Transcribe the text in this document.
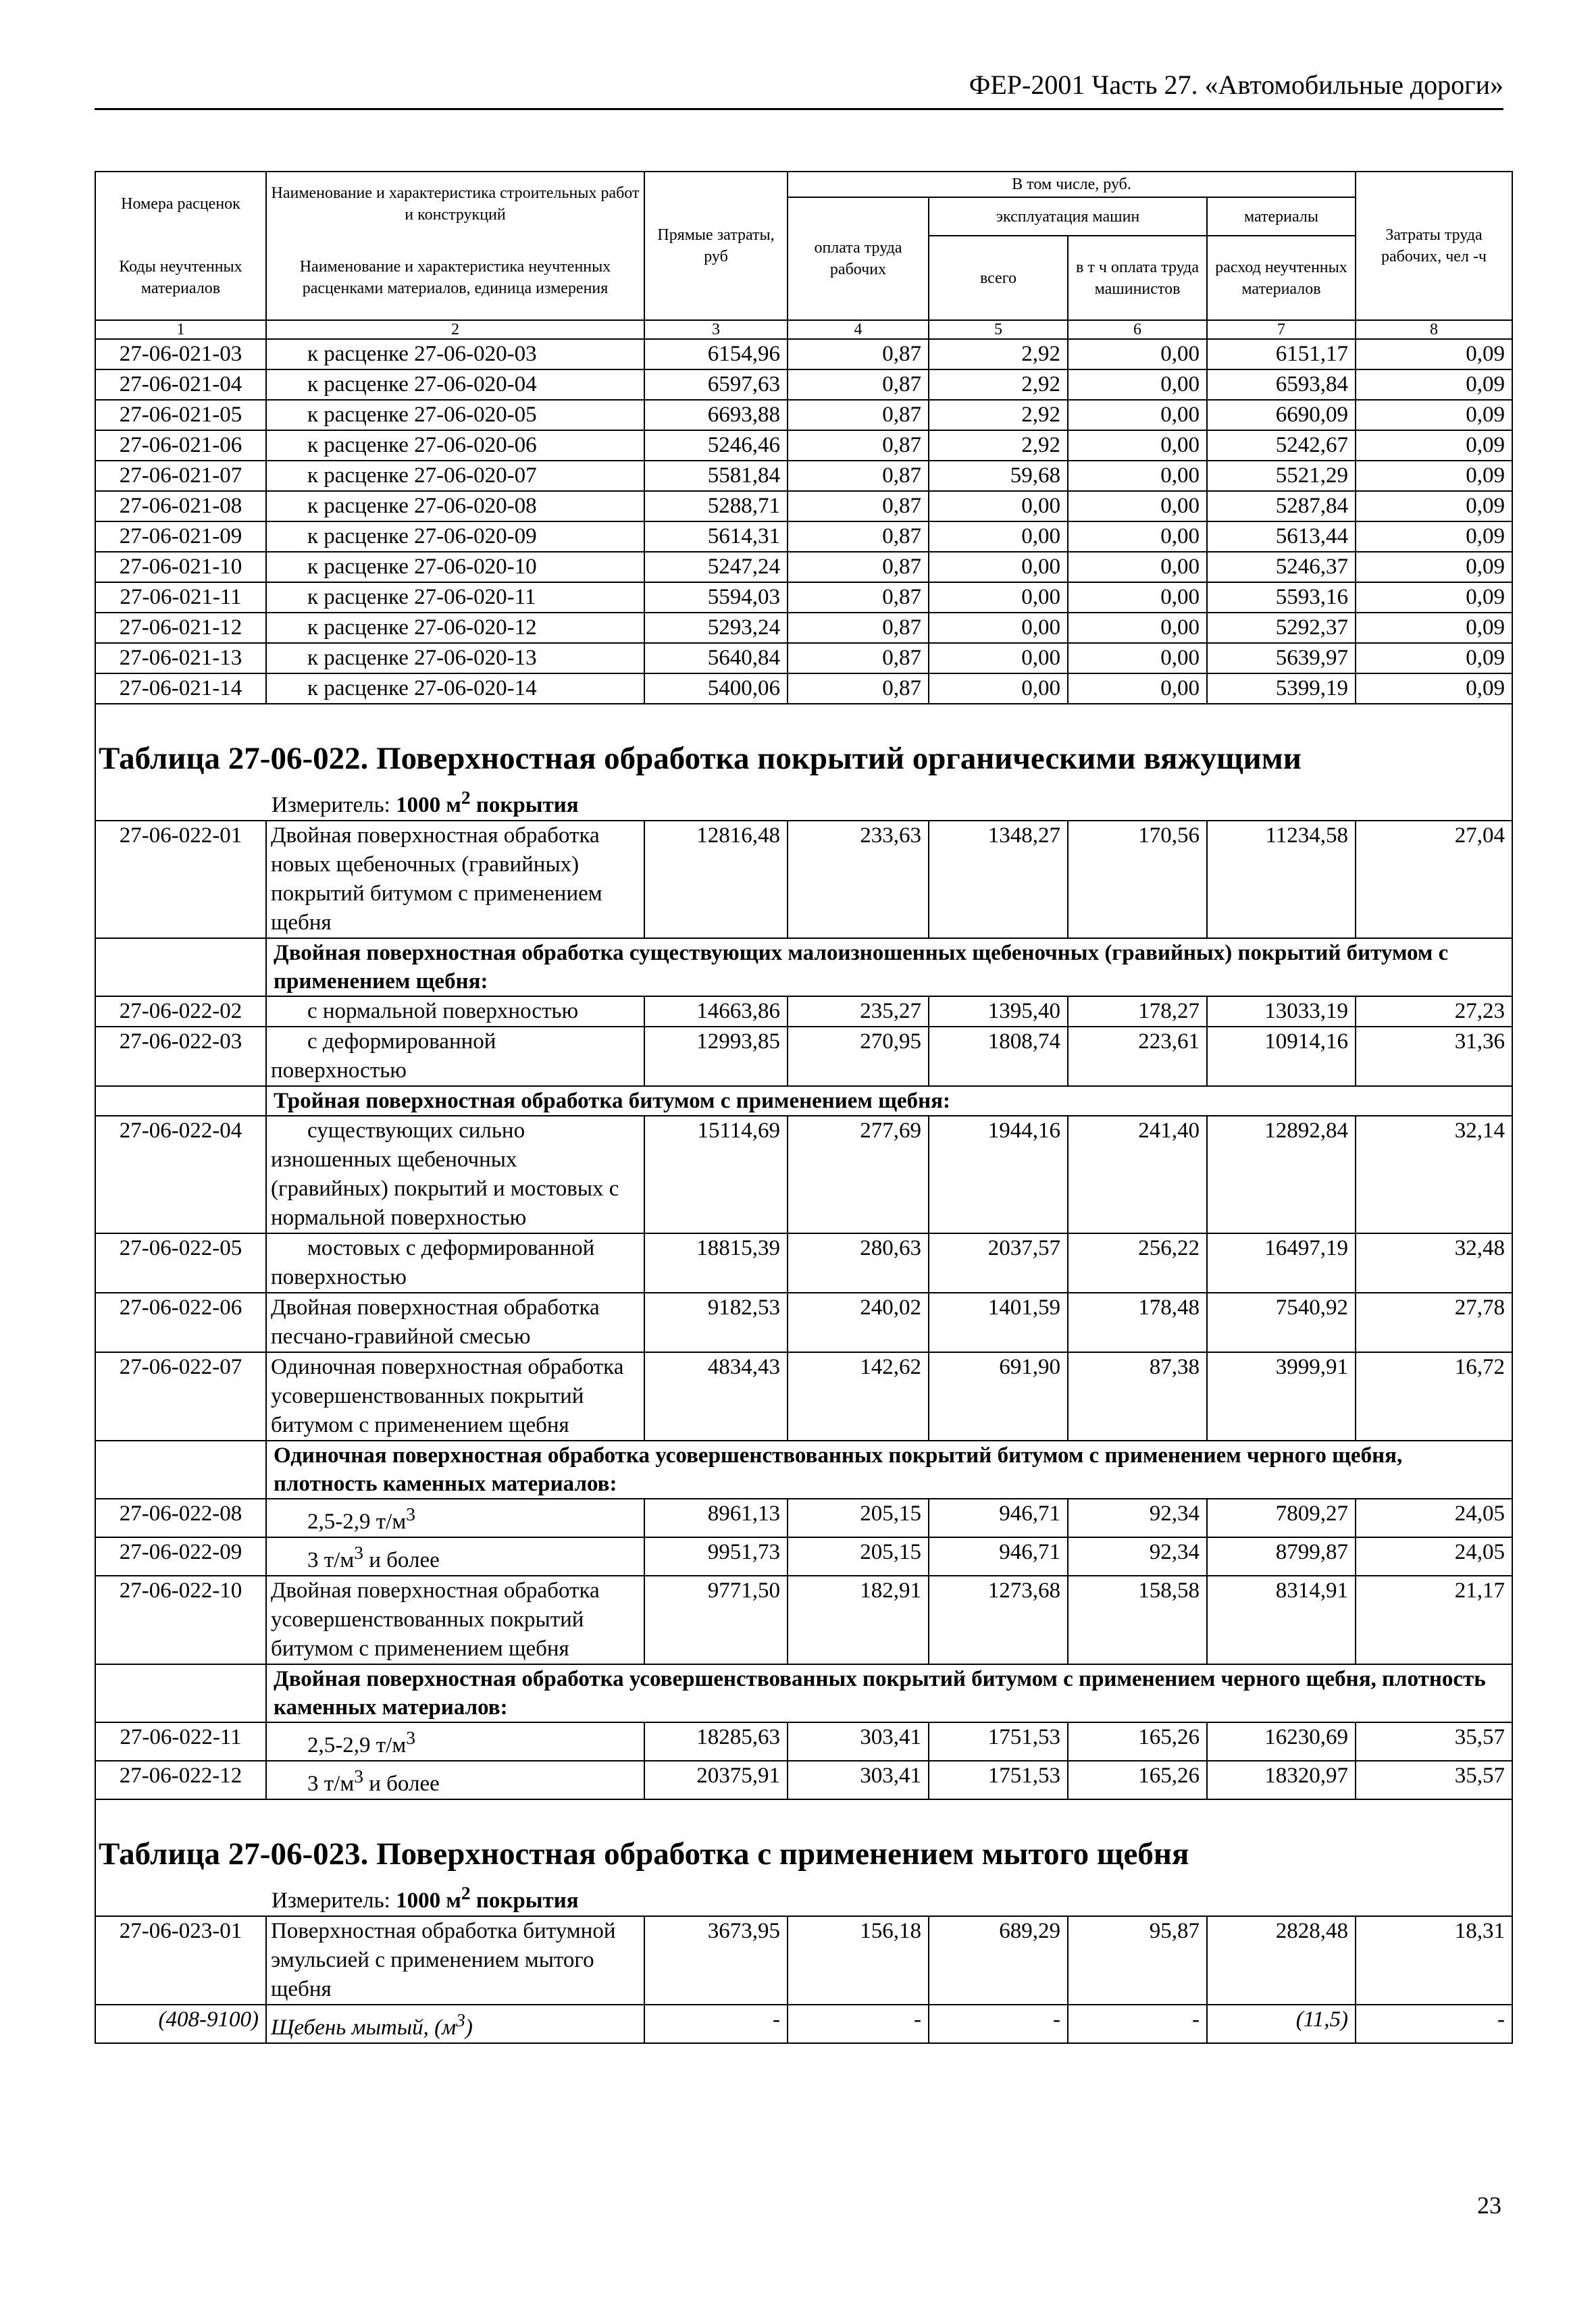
ФЕР-2001 Часть 27. «Автомобильные дороги»
Номера расценок	Наименование и характеристика строительных работ и конструкций	Прямые затраты, руб	В том числе, руб.				Затраты труда рабочих, чел -ч
			оплата труда рабочих	эксплуатация машин		материалы	
Коды неучтенных материалов	Наименование и характеристика неучтенных расценками материалов, единица измерения			всего	в т ч оплата труда машинистов	расход неучтенных материалов	
1	2	3	4	5	6	7	8
27-06-021-03	к расценке 27-06-020-03	6154,96	0,87	2,92	0,00	6151,17	0,09
27-06-021-04	к расценке 27-06-020-04	6597,63	0,87	2,92	0,00	6593,84	0,09
27-06-021-05	к расценке 27-06-020-05	6693,88	0,87	2,92	0,00	6690,09	0,09
27-06-021-06	к расценке 27-06-020-06	5246,46	0,87	2,92	0,00	5242,67	0,09
27-06-021-07	к расценке 27-06-020-07	5581,84	0,87	59,68	0,00	5521,29	0,09
27-06-021-08	к расценке 27-06-020-08	5288,71	0,87	0,00	0,00	5287,84	0,09
27-06-021-09	к расценке 27-06-020-09	5614,31	0,87	0,00	0,00	5613,44	0,09
27-06-021-10	к расценке 27-06-020-10	5247,24	0,87	0,00	0,00	5246,37	0,09
27-06-021-11	к расценке 27-06-020-11	5594,03	0,87	0,00	0,00	5593,16	0,09
27-06-021-12	к расценке 27-06-020-12	5293,24	0,87	0,00	0,00	5292,37	0,09
27-06-021-13	к расценке 27-06-020-13	5640,84	0,87	0,00	0,00	5639,97	0,09
27-06-021-14	к расценке 27-06-020-14	5400,06	0,87	0,00	0,00	5399,19	0,09

Таблица 27-06-022. Поверхностная обработка покрытий органическими вяжущими							
Измеритель: 1000 $м^2$ покрытия							
27-06-022-01	Двойная поверхностная обработка новых щебеночных (гравийных) покрытий битумом с применением щебня	12816,48	233,63	1348,27	170,56	11234,58	27,04
	Двойная поверхностная обработка существующих малоизношенных щебеночных (гравийных) покрытий битумом с применением щебня:						
27-06-022-02	с нормальной поверхностью	14663,86	235,27	1395,40	178,27	13033,19	27,23
27-06-022-03	с деформированной поверхностью	12993,85	270,95	1808,74	223,61	10914,16	31,36
	Тройная поверхностная обработка битумом с применением щебня:						
27-06-022-04	существующих сильно изношенных щебеночных (гравийных) покрытий и мостовых с нормальной поверхностью	15114,69	277,69	1944,16	241,40	12892,84	32,14
27-06-022-05	мостовых с деформированной поверхностью	18815,39	280,63	2037,57	256,22	16497,19	32,48
27-06-022-06	Двойная поверхностная обработка песчано-гравийной смесью	9182,53	240,02	1401,59	178,48	7540,92	27,78
27-06-022-07	Одиночная поверхностная обработка усовершенствованных покрытий битумом с применением щебня	4834,43	142,62	691,90	87,38	3999,91	16,72
	Одиночная поверхностная обработка усовершенствованных покрытий битумом с применением черного щебня, плотность каменных материалов:						
27-06-022-08	2,5-2,9 $т/м^3$	8961,13	205,15	946,71	92,34	7809,27	24,05
27-06-022-09	3 $т/м^3$ и более	9951,73	205,15	946,71	92,34	8799,87	24,05
27-06-022-10	Двойная поверхностная обработка усовершенствованных покрытий битумом с применением щебня	9771,50	182,91	1273,68	158,58	8314,91	21,17
	Двойная поверхностная обработка усовершенствованных покрытий битумом с применением черного щебня, плотность каменных материалов:						
27-06-022-11	2,5-2,9 $т/м^3$	18285,63	303,41	1751,53	165,26	16230,69	35,57
27-06-022-12	3 $т/м^3$ и более	20375,91	303,41	1751,53	165,26	18320,97	35,57

Таблица 27-06-023. Поверхностная обработка с применением мытого щебня							
Измеритель: 1000 $м^2$ покрытия							
27-06-023-01	Поверхностная обработка битумной эмульсией с применением мытого щебня	3673,95	156,18	689,29	95,87	2828,48	18,31
(408-9100)	Щебень мытый, $(м^3)$	-	-	-	-	(11,5)	-
23
